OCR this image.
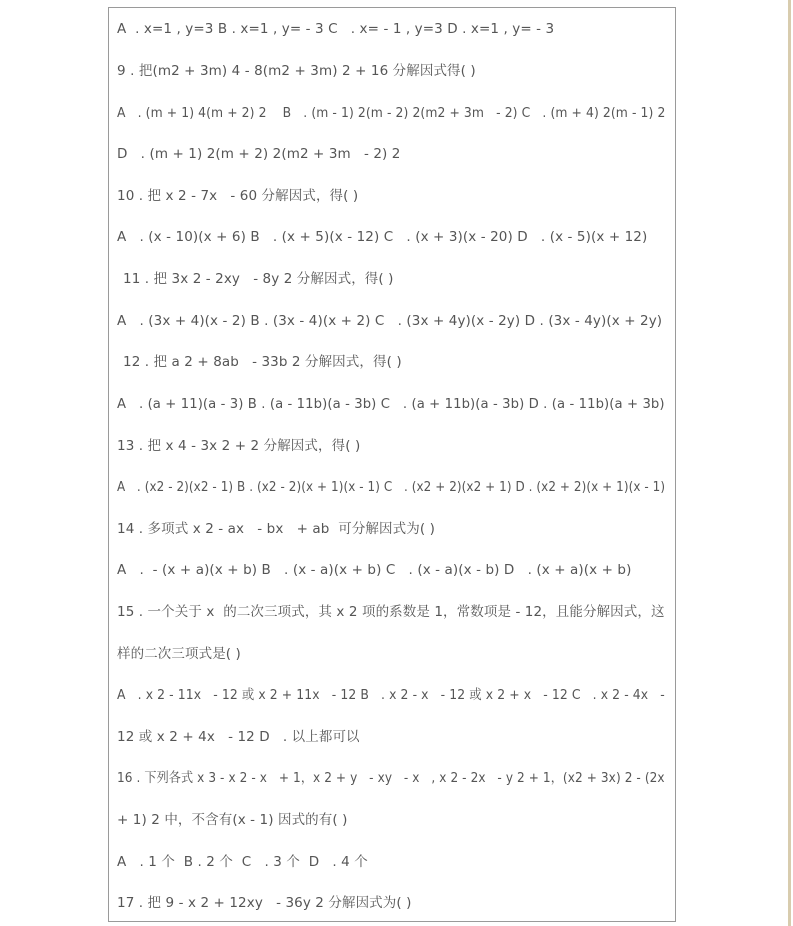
A  . x=1 , y=3 B . x=1 , y= - 3 C   . x= - 1 , y=3 D . x=1 , y= - 3

9 . 把(m2 + 3m) 4 - 8(m2 + 3m) 2 + 16 分解因式得( )

A   . (m + 1) 4(m + 2) 2    B   . (m - 1) 2(m - 2) 2(m2 + 3m   - 2) C   . (m + 4) 2(m - 1) 2

D   . (m + 1) 2(m + 2) 2(m2 + 3m   - 2) 2

10 . 把 x 2 - 7x   - 60 分解因式，得( )

A   . (x - 10)(x + 6) B   . (x + 5)(x - 12) C   . (x + 3)(x - 20) D   . (x - 5)(x + 12)

11 . 把 3x 2 - 2xy   - 8y 2 分解因式，得( )

A   . (3x + 4)(x - 2) B . (3x - 4)(x + 2) C   . (3x + 4y)(x - 2y) D . (3x - 4y)(x + 2y)

12 . 把 a 2 + 8ab   - 33b 2 分解因式，得( )

A   . (a + 11)(a - 3) B . (a - 11b)(a - 3b) C   . (a + 11b)(a - 3b) D . (a - 11b)(a + 3b)

13 . 把 x 4 - 3x 2 + 2 分解因式，得( )

A   . (x2 - 2)(x2 - 1) B . (x2 - 2)(x + 1)(x - 1) C   . (x2 + 2)(x2 + 1) D . (x2 + 2)(x + 1)(x - 1)

14 . 多项式 x 2 - ax   - bx   + ab  可分解因式为( )

A   .  - (x + a)(x + b) B   . (x - a)(x + b) C   . (x - a)(x - b) D   . (x + a)(x + b)

15 . 一个关于 x  的二次三项式，其 x 2 项的系数是 1，常数项是 - 12，且能分解因式，这

样的二次三项式是( )

A   . x 2 - 11x   - 12 或 x 2 + 11x   - 12 B   . x 2 - x   - 12 或 x 2 + x   - 12 C   . x 2 - 4x   -

12 或 x 2 + 4x   - 12 D   . 以上都可以

16 . 下列各式 x 3 - x 2 - x   + 1，x 2 + y   - xy   - x   , x 2 - 2x   - y 2 + 1，(x2 + 3x) 2 - (2x

+ 1) 2 中，不含有(x - 1) 因式的有( )

A   . 1 个  B . 2 个  C   . 3 个  D   . 4 个

17 . 把 9 - x 2 + 12xy   - 36y 2 分解因式为( )
